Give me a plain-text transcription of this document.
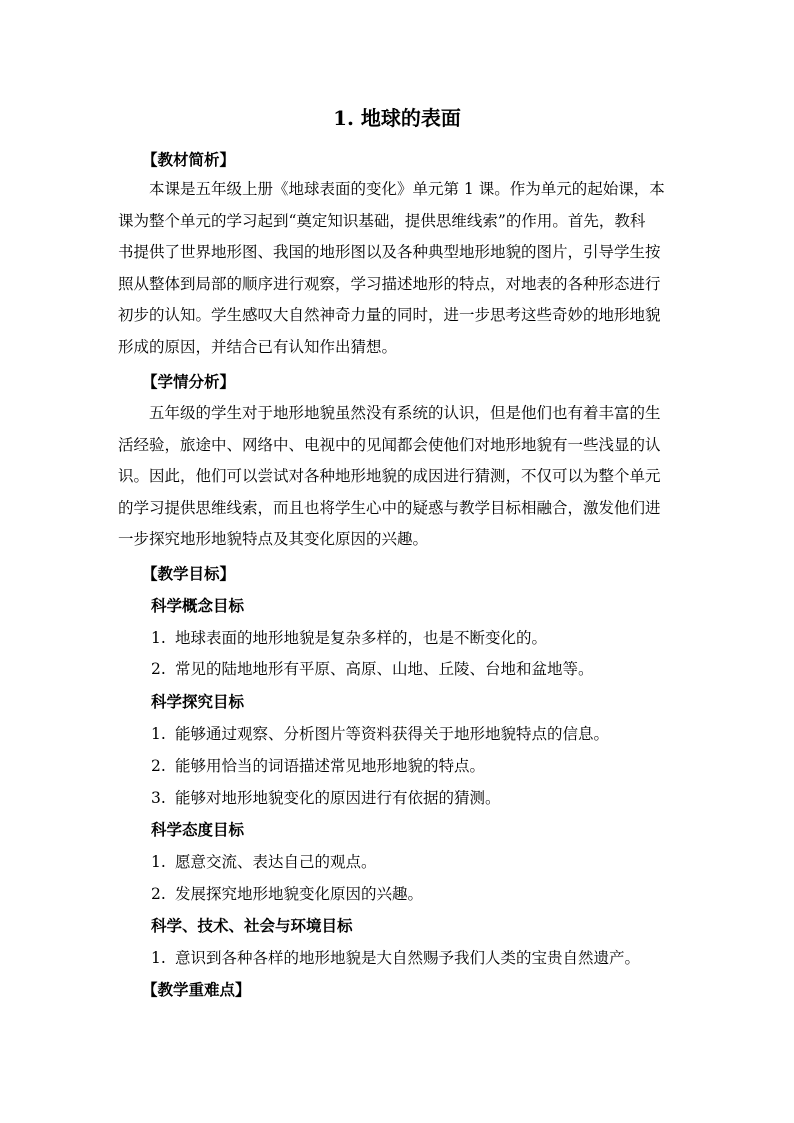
1. 地球的表面
【教材简析】
本课是五年级上册《地球表面的变化》单元第 1 课。作为单元的起始课，本
课为整个单元的学习起到“奠定知识基础，提供思维线索”的作用。首先，教科
书提供了世界地形图、我国的地形图以及各种典型地形地貌的图片，引导学生按
照从整体到局部的顺序进行观察，学习描述地形的特点，对地表的各种形态进行
初步的认知。学生感叹大自然神奇力量的同时，进一步思考这些奇妙的地形地貌
形成的原因，并结合已有认知作出猜想。
【学情分析】
五年级的学生对于地形地貌虽然没有系统的认识，但是他们也有着丰富的生
活经验，旅途中、网络中、电视中的见闻都会使他们对地形地貌有一些浅显的认
识。因此，他们可以尝试对各种地形地貌的成因进行猜测，不仅可以为整个单元
的学习提供思维线索，而且也将学生心中的疑惑与教学目标相融合，激发他们进
一步探究地形地貌特点及其变化原因的兴趣。
【教学目标】
科学概念目标
1. 地球表面的地形地貌是复杂多样的，也是不断变化的。
2. 常见的陆地地形有平原、高原、山地、丘陵、台地和盆地等。
科学探究目标
1. 能够通过观察、分析图片等资料获得关于地形地貌特点的信息。
2. 能够用恰当的词语描述常见地形地貌的特点。
3. 能够对地形地貌变化的原因进行有依据的猜测。
科学态度目标
1. 愿意交流、表达自己的观点。
2. 发展探究地形地貌变化原因的兴趣。
科学、技术、社会与环境目标
1. 意识到各种各样的地形地貌是大自然赐予我们人类的宝贵自然遗产。
【教学重难点】
